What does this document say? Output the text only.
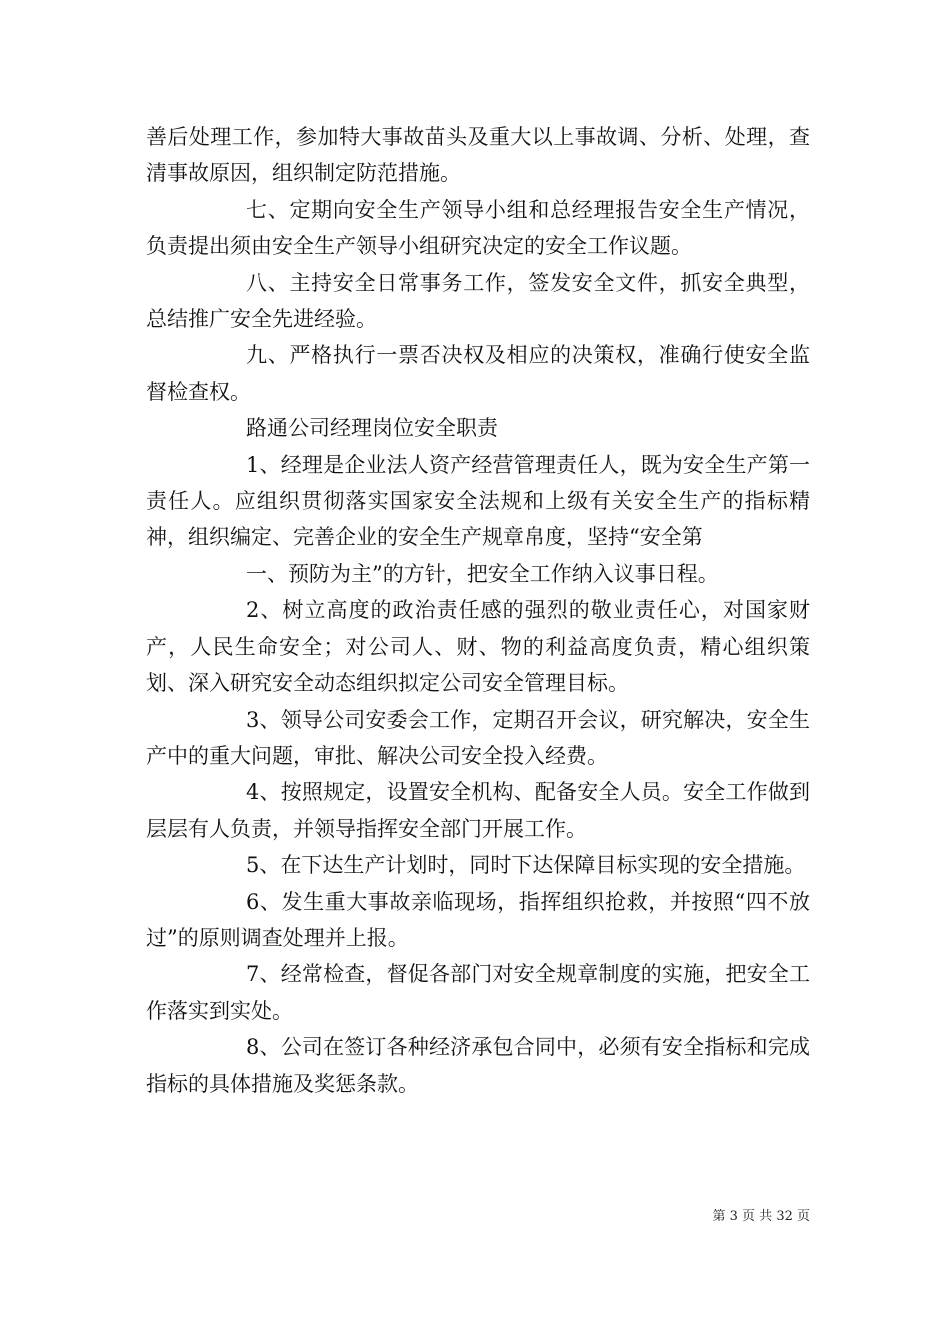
善后处理工作，参加特大事故苗头及重大以上事故调、分析、处理，查清事故原因，组织制定防范措施。

七、定期向安全生产领导小组和总经理报告安全生产情况，负责提出须由安全生产领导小组研究决定的安全工作议题。

八、主持安全日常事务工作，签发安全文件，抓安全典型，总结推广安全先进经验。

九、严格执行一票否决权及相应的决策权，准确行使安全监督检查权。

路通公司经理岗位安全职责

1、经理是企业法人资产经营管理责任人，既为安全生产第一责任人。应组织贯彻落实国家安全法规和上级有关安全生产的指标精神，组织编定、完善企业的安全生产规章帛度，坚持“安全第

一、预防为主”的方针，把安全工作纳入议事日程。

2、树立高度的政治责任感的强烈的敬业责任心，对国家财产，人民生命安全；对公司人、财、物的利益高度负责，精心组织策划、深入研究安全动态组织拟定公司安全管理目标。

3、领导公司安委会工作，定期召开会议，研究解决，安全生产中的重大问题，审批、解决公司安全投入经费。

4、按照规定，设置安全机构、配备安全人员。安全工作做到层层有人负责，并领导指挥安全部门开展工作。

5、在下达生产计划时，同时下达保障目标实现的安全措施。

6、发生重大事故亲临现场，指挥组织抢救，并按照“四不放过”的原则调查处理并上报。

7、经常检查，督促各部门对安全规章制度的实施，把安全工作落实到实处。

8、公司在签订各种经济承包合同中，必须有安全指标和完成指标的具体措施及奖惩条款。

第 3 页 共 32 页
